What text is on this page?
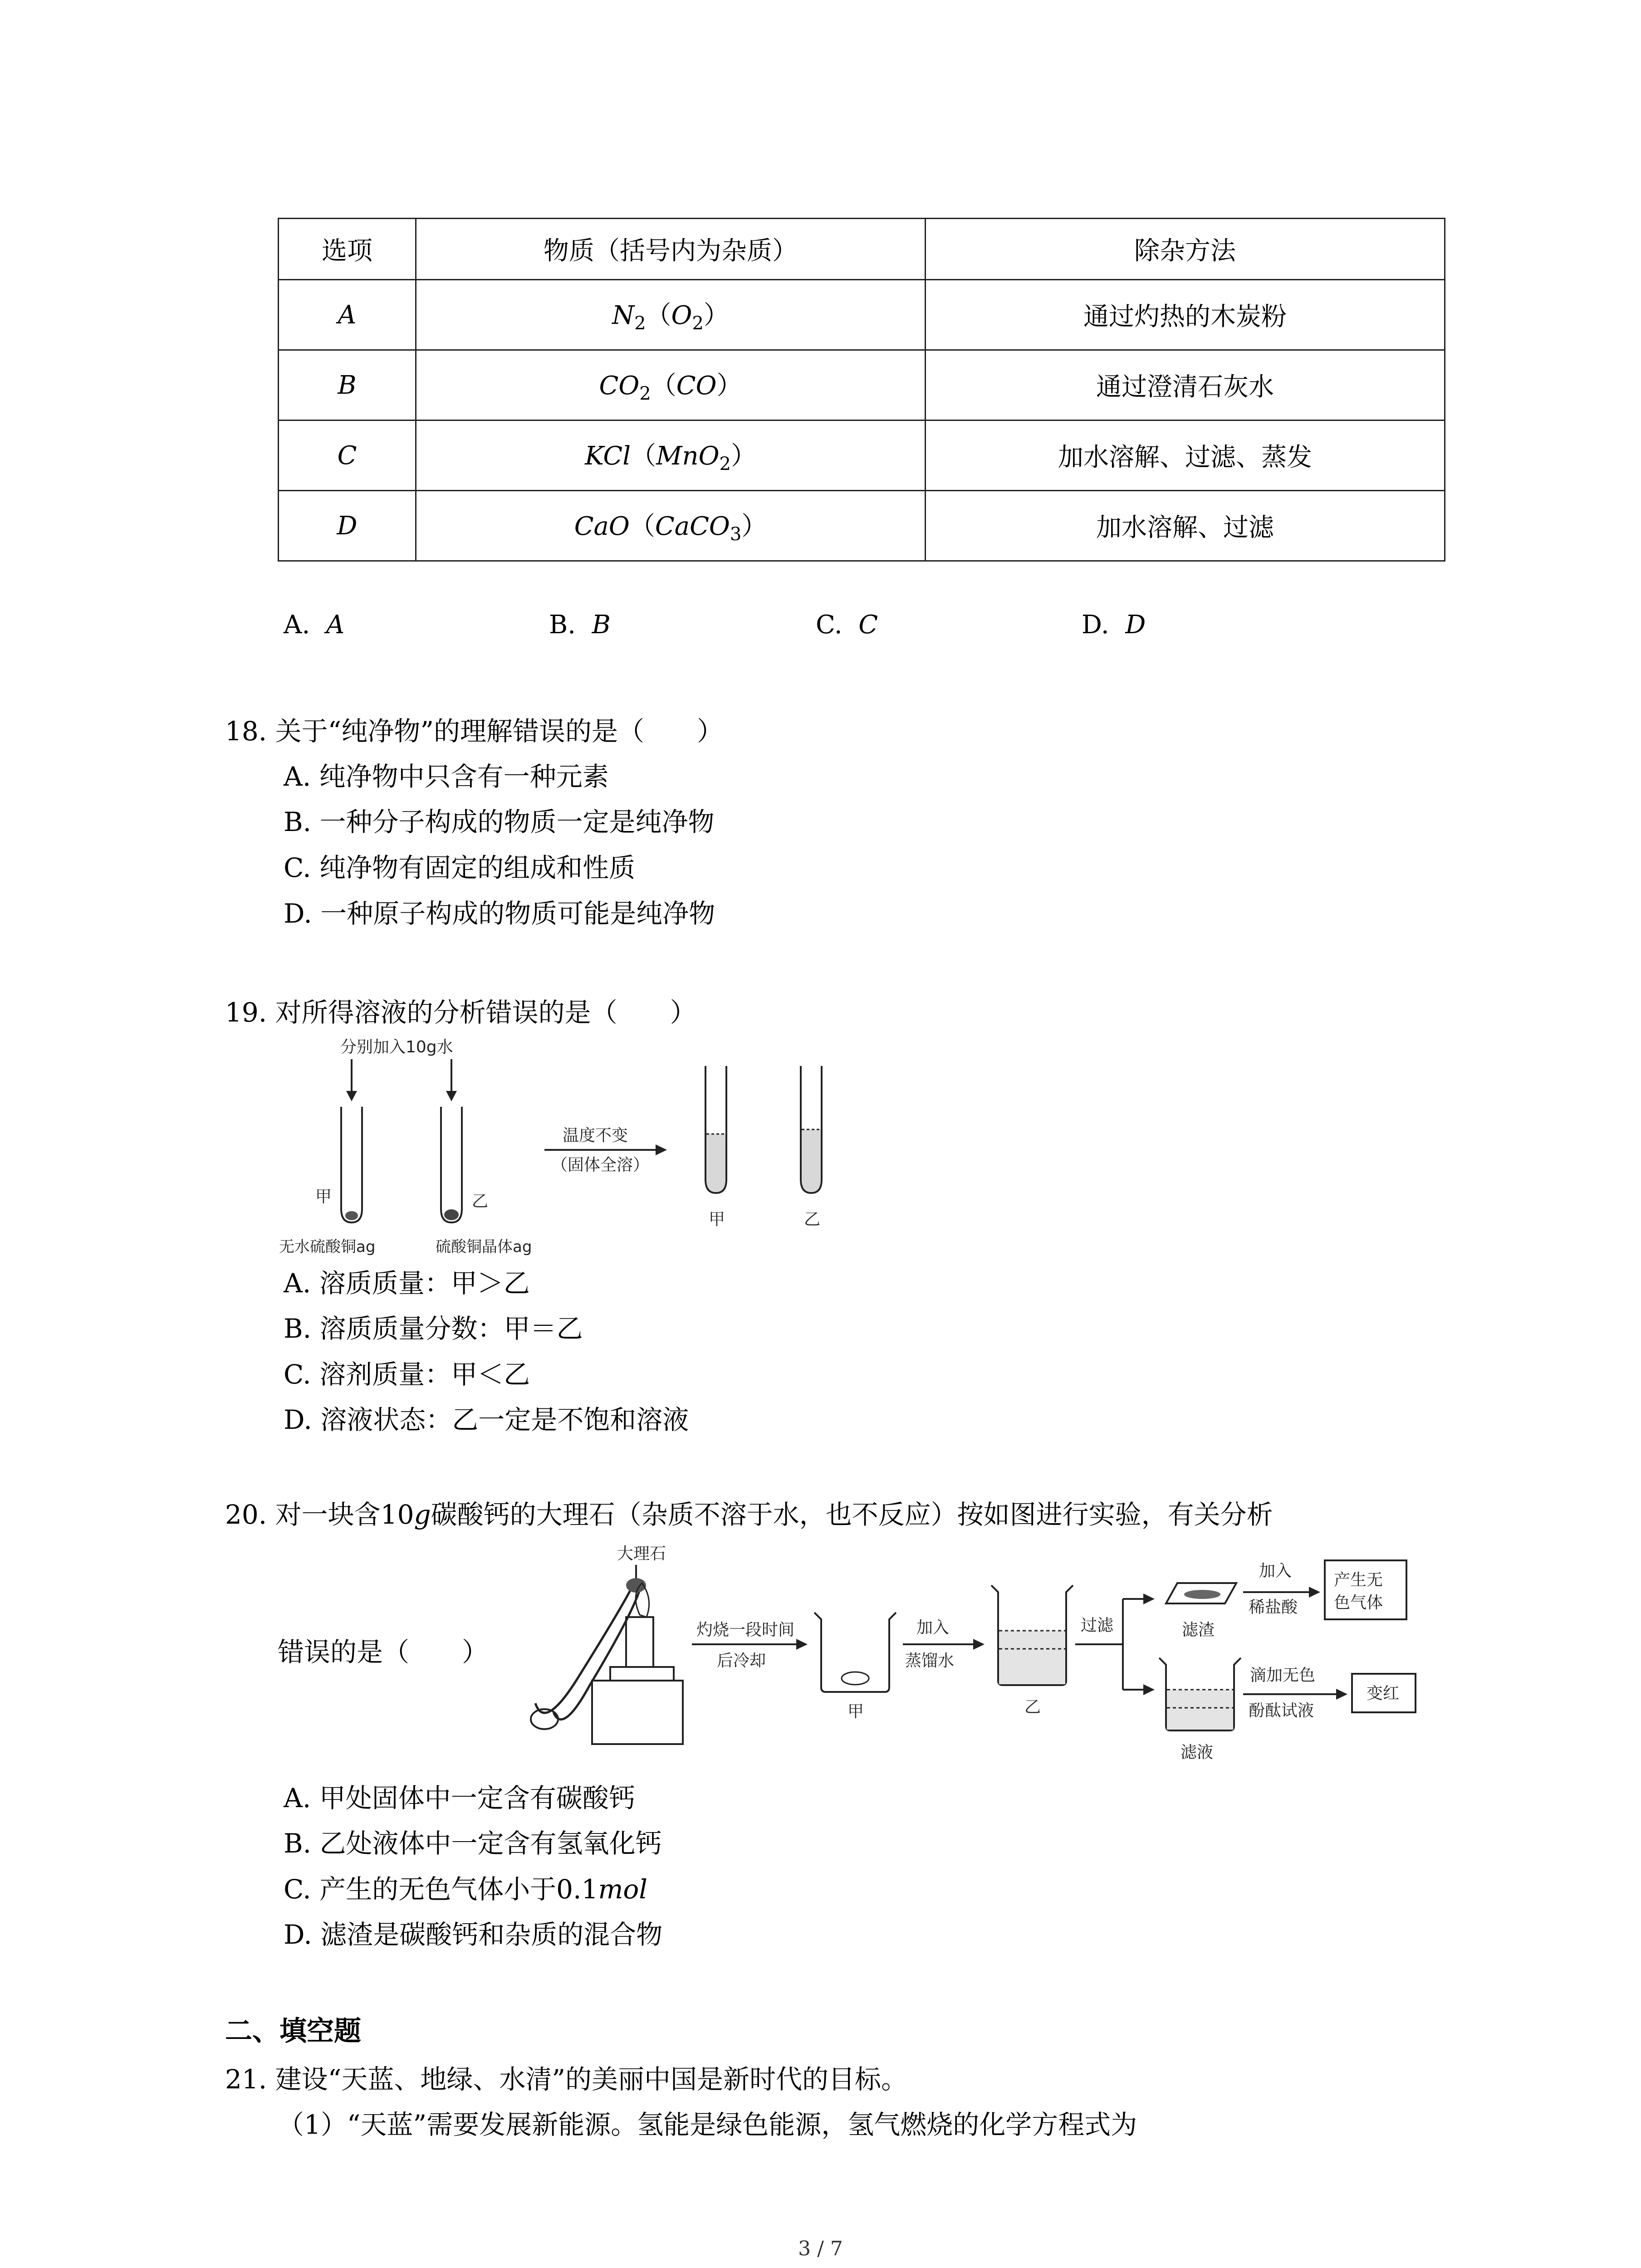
选项	物质（括号内为杂质）	除杂方法
A	$N_2(O_2)$	通过灼热的木炭粉
B	$CO_2(CO)$	通过澄清石灰水
C	KCl（MnO$_2$）	加水溶解、过滤、蒸发
D	CaO（CaCO$_3$）	加水溶解、过滤
A. A	B. B	C. C	D. D
18. 关于“纯净物”的理解错误的是（　　）
A. 纯净物中只含有一种元素
B. 一种分子构成的物质一定是纯净物
C. 纯净物有固定的组成和性质
D. 一种原子构成的物质可能是纯净物
19. 对所得溶液的分析错误的是（　　）
分别加入10g水
甲	乙
无水硫酸铜ag	硫酸铜晶体ag
温度不变
（固体全溶）
甲	乙
A. 溶质质量：甲＞乙
B. 溶质质量分数：甲＝乙
C. 溶剂质量：甲＜乙
D. 溶液状态：乙一定是不饱和溶液
20. 对一块含10g碳酸钙的大理石（杂质不溶于水，也不反应）按如图进行实验，有关分析
错误的是（　　）
大理石
灼烧一段时间
后冷却
甲
加入
蒸馏水
乙
过滤	滤渣
加入
稀盐酸
产生无
色气体
滤液
滴加无色
酚酞试液
变红
A. 甲处固体中一定含有碳酸钙
B. 乙处液体中一定含有氢氧化钙
C. 产生的无色气体小于0.1mol
D. 滤渣是碳酸钙和杂质的混合物
二、填空题
21. 建设“天蓝、地绿、水清”的美丽中国是新时代的目标。
（1）“天蓝”需要发展新能源。氢能是绿色能源，氢气燃烧的化学方程式为
3 / 7
